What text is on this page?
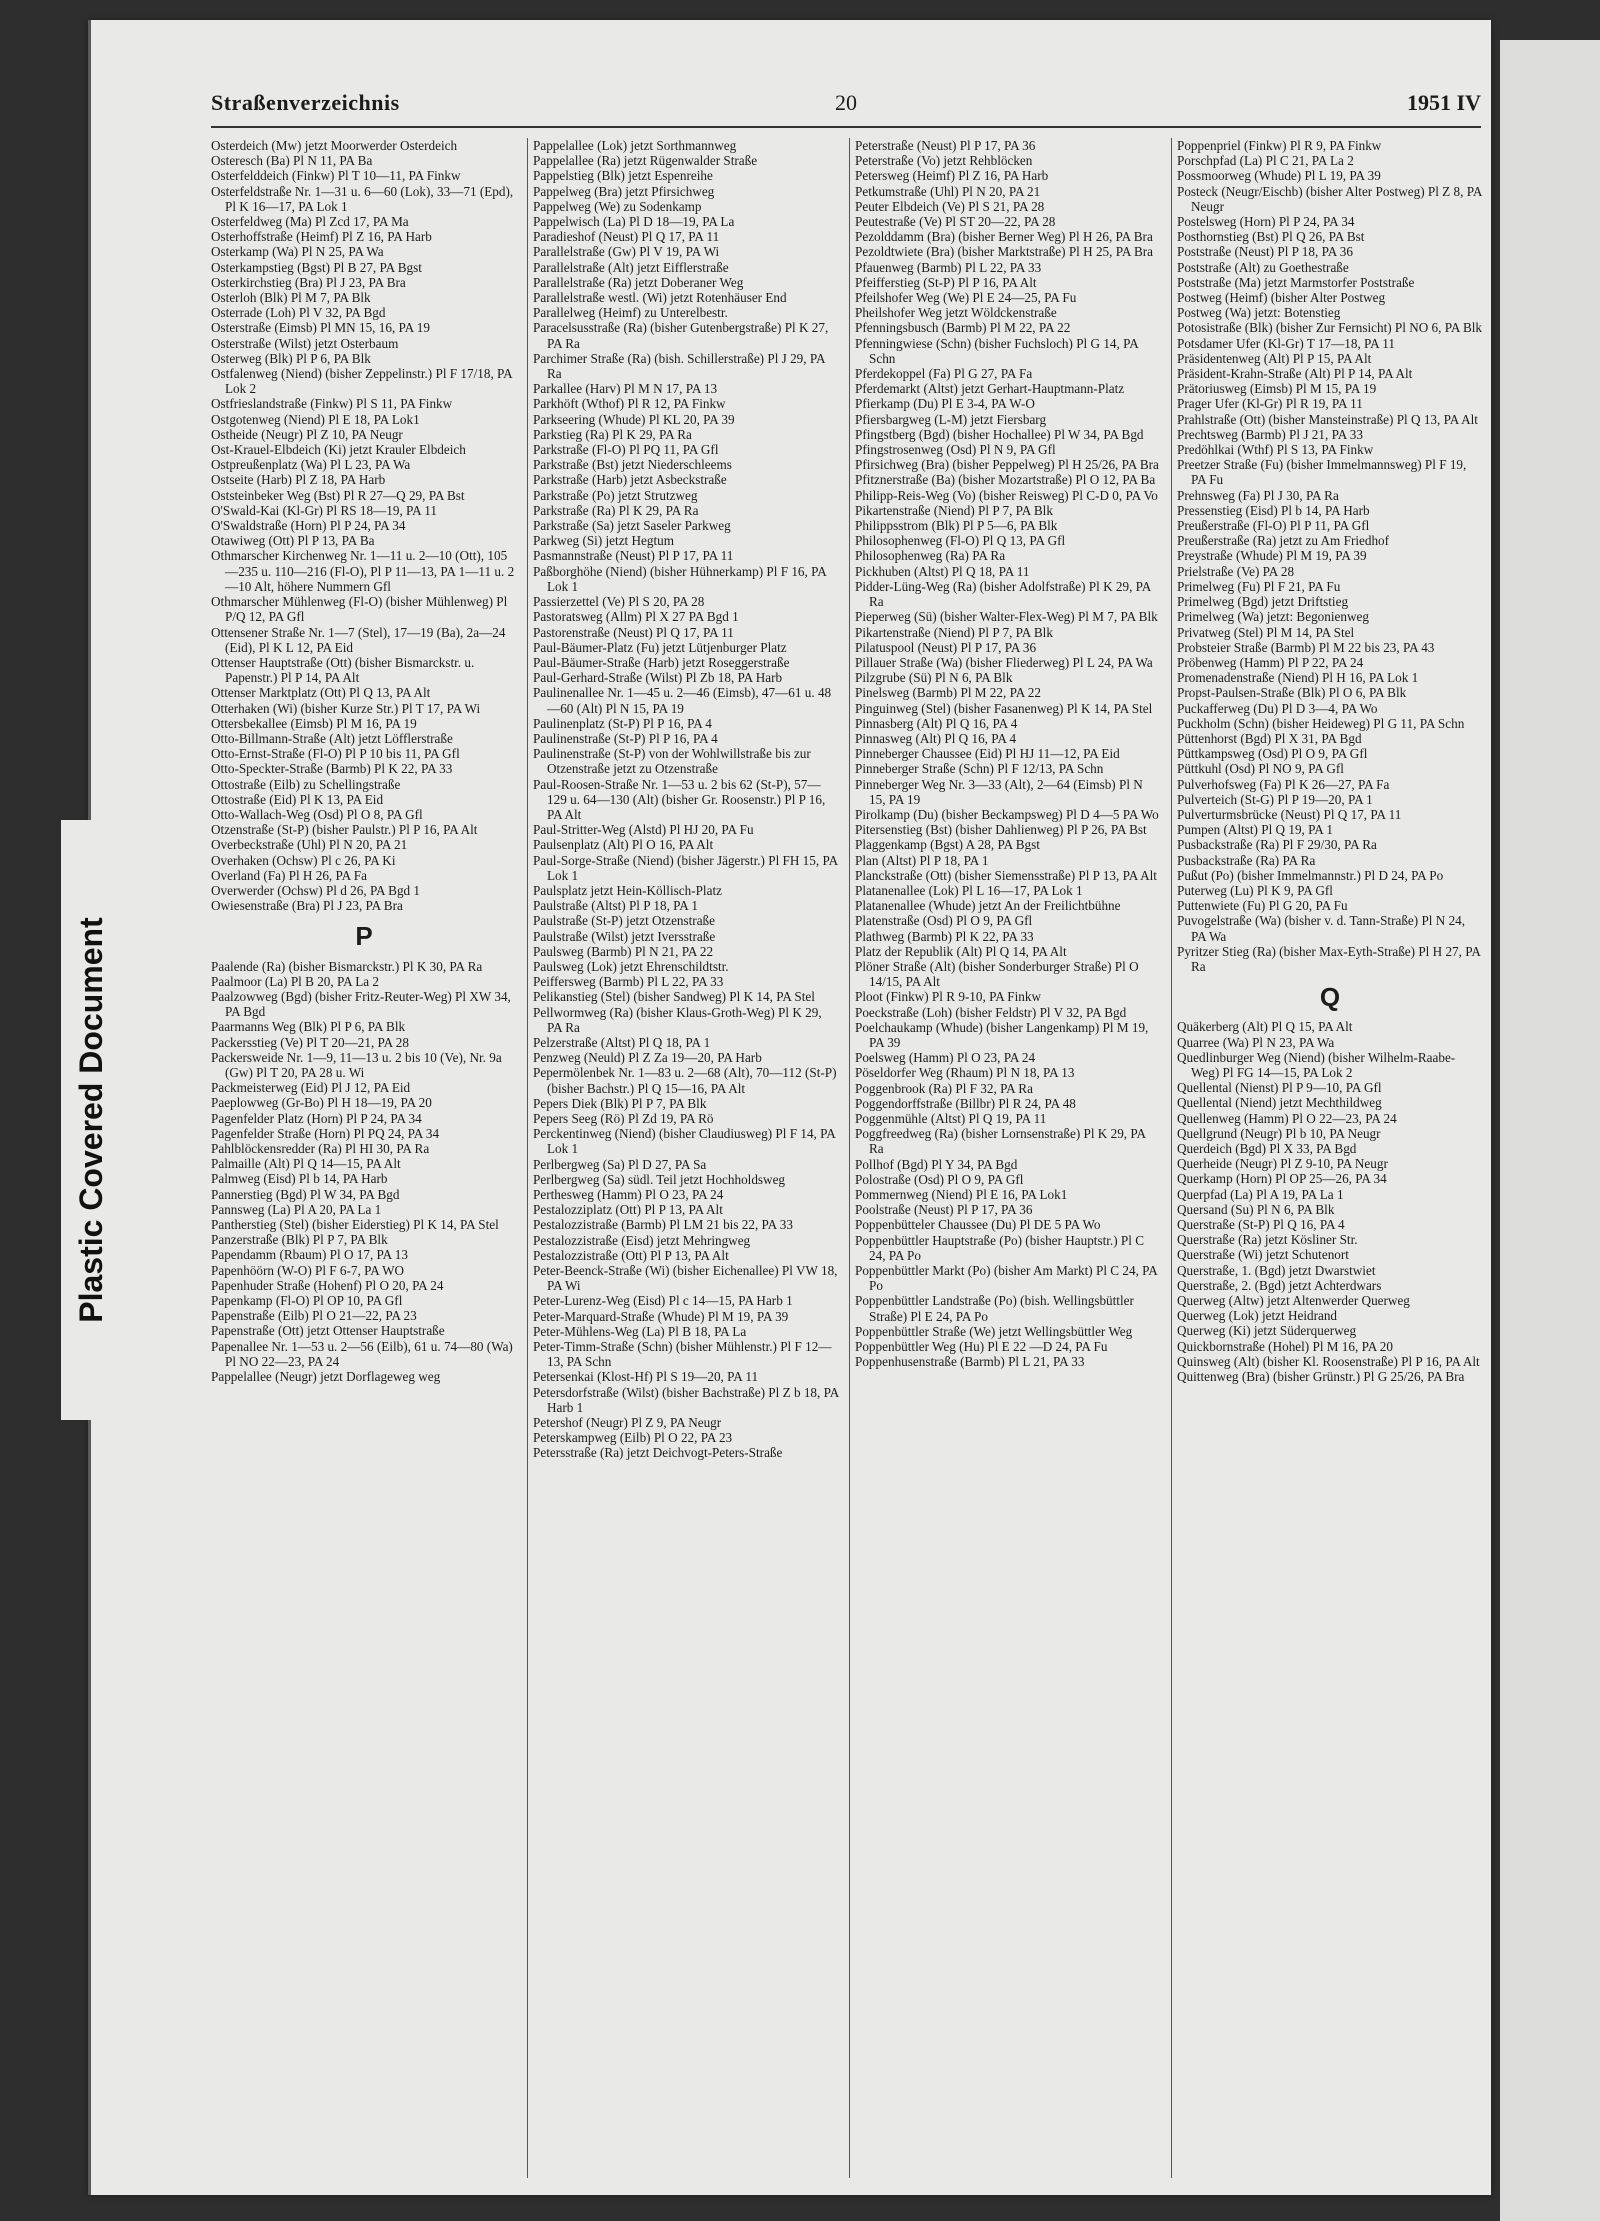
Plastic Covered Document
Straßenverzeichnis	20	1951 IV

Osterdeich (Mw) jetzt Moorwerder Osterdeich

Osteresch (Ba) Pl N 11, PA Ba

Osterfelddeich (Finkw) Pl T 10—11, PA Finkw

Osterfeldstraße Nr. 1—31 u. 6—60 (Lok), 33—71 (Epd), Pl K 16—17, PA Lok 1

Osterfeldweg (Ma) Pl Zcd 17, PA Ma

Osterhoffstraße (Heimf) Pl Z 16, PA Harb

Osterkamp (Wa) Pl N 25, PA Wa

Osterkampstieg (Bgst) Pl B 27, PA Bgst

Osterkirchstieg (Bra) Pl J 23, PA Bra

Osterloh (Blk) Pl M 7, PA Blk

Osterrade (Loh) Pl V 32, PA Bgd

Osterstraße (Eimsb) Pl MN 15, 16, PA 19

Osterstraße (Wilst) jetzt Osterbaum

Osterweg (Blk) Pl P 6, PA Blk

Ostfalenweg (Niend) (bisher Zeppelinstr.) Pl F 17/18, PA Lok 2

Ostfrieslandstraße (Finkw) Pl S 11, PA Finkw

Ostgotenweg (Niend) Pl E 18, PA Lok1

Ostheide (Neugr) Pl Z 10, PA Neugr

Ost-Krauel-Elbdeich (Ki) jetzt Krauler Elbdeich

Ostpreußenplatz (Wa) Pl L 23, PA Wa

Ostseite (Harb) Pl Z 18, PA Harb

Oststeinbeker Weg (Bst) Pl R 27—Q 29, PA Bst

O'Swald-Kai (Kl-Gr) Pl RS 18—19, PA 11

O'Swaldstraße (Horn) Pl P 24, PA 34

Otawiweg (Ott) Pl P 13, PA Ba

Othmarscher Kirchenweg Nr. 1—11 u. 2—10 (Ott), 105—235 u. 110—216 (Fl-O), Pl P 11—13, PA 1—11 u. 2—10 Alt, höhere Nummern Gfl

Othmarscher Mühlenweg (Fl-O) (bisher Mühlenweg) Pl P/Q 12, PA Gfl

Ottensener Straße Nr. 1—7 (Stel), 17—19 (Ba), 2a—24 (Eid), Pl K L 12, PA Eid

Ottenser Hauptstraße (Ott) (bisher Bismarckstr. u. Papenstr.) Pl P 14, PA Alt

Ottenser Marktplatz (Ott) Pl Q 13, PA Alt

Otterhaken (Wi) (bisher Kurze Str.) Pl T 17, PA Wi

Ottersbekallee (Eimsb) Pl M 16, PA 19

Otto-Billmann-Straße (Alt) jetzt Löfflerstraße

Otto-Ernst-Straße (Fl-O) Pl P 10 bis 11, PA Gfl

Otto-Speckter-Straße (Barmb) Pl K 22, PA 33

Ottostraße (Eilb) zu Schellingstraße

Ottostraße (Eid) Pl K 13, PA Eid

Otto-Wallach-Weg (Osd) Pl O 8, PA Gfl

Otzenstraße (St-P) (bisher Paulstr.) Pl P 16, PA Alt

Overbeckstraße (Uhl) Pl N 20, PA 21

Overhaken (Ochsw) Pl c 26, PA Ki

Overland (Fa) Pl H 26, PA Fa

Overwerder (Ochsw) Pl d 26, PA Bgd 1

Owiesenstraße (Bra) Pl J 23, PA Bra

P

Paalende (Ra) (bisher Bismarckstr.) Pl K 30, PA Ra

Paalmoor (La) Pl B 20, PA La 2

Paalzowweg (Bgd) (bisher Fritz-Reuter-Weg) Pl XW 34, PA Bgd

Paarmanns Weg (Blk) Pl P 6, PA Blk

Packersstieg (Ve) Pl T 20—21, PA 28

Packersweide Nr. 1—9, 11—13 u. 2 bis 10 (Ve), Nr. 9a (Gw) Pl T 20, PA 28 u. Wi

Packmeisterweg (Eid) Pl J 12, PA Eid

Paeplowweg (Gr-Bo) Pl H 18—19, PA 20

Pagenfelder Platz (Horn) Pl P 24, PA 34

Pagenfelder Straße (Horn) Pl PQ 24, PA 34

Pahlblöckensredder (Ra) Pl HI 30, PA Ra

Palmaille (Alt) Pl Q 14—15, PA Alt

Palmweg (Eisd) Pl b 14, PA Harb

Pannerstieg (Bgd) Pl W 34, PA Bgd

Pannsweg (La) Pl A 20, PA La 1

Pantherstieg (Stel) (bisher Eiderstieg) Pl K 14, PA Stel

Panzerstraße (Blk) Pl P 7, PA Blk

Papendamm (Rbaum) Pl O 17, PA 13

Papenhöörn (W-O) Pl F 6-7, PA WO

Papenhuder Straße (Hohenf) Pl O 20, PA 24

Papenkamp (Fl-O) Pl OP 10, PA Gfl

Papenstraße (Eilb) Pl O 21—22, PA 23

Papenstraße (Ott) jetzt Ottenser Hauptstraße

Papenallee Nr. 1—53 u. 2—56 (Eilb), 61 u. 74—80 (Wa) Pl NO 22—23, PA 24

Pappelallee (Neugr) jetzt Dorflageweg weg

Pappelallee (Lok) jetzt Sorthmannweg

Pappelallee (Ra) jetzt Rügenwalder Straße

Pappelstieg (Blk) jetzt Espenreihe

Pappelweg (Bra) jetzt Pfirsichweg

Pappelweg (We) zu Sodenkamp

Pappelwisch (La) Pl D 18—19, PA La

Paradieshof (Neust) Pl Q 17, PA 11

Parallelstraße (Gw) Pl V 19, PA Wi

Parallelstraße (Alt) jetzt Eifflerstraße

Parallelstraße (Ra) jetzt Doberaner Weg

Parallelstraße westl. (Wi) jetzt Rotenhäuser End

Parallelweg (Heimf) zu Unterelbestr.

Paracelsusstraße (Ra) (bisher Gutenbergstraße) Pl K 27, PA Ra

Parchimer Straße (Ra) (bish. Schillerstraße) Pl J 29, PA Ra

Parkallee (Harv) Pl M N 17, PA 13

Parkhöft (Wthof) Pl R 12, PA Finkw

Parkseering (Whude) Pl KL 20, PA 39

Parkstieg (Ra) Pl K 29, PA Ra

Parkstraße (Fl-O) Pl PQ 11, PA Gfl

Parkstraße (Bst) jetzt Niederschleems

Parkstraße (Harb) jetzt Asbeckstraße

Parkstraße (Po) jetzt Strutzweg

Parkstraße (Ra) Pl K 29, PA Ra

Parkstraße (Sa) jetzt Saseler Parkweg

Parkweg (Si) jetzt Hegtum

Pasmannstraße (Neust) Pl P 17, PA 11

Paßborghöhe (Niend) (bisher Hühnerkamp) Pl F 16, PA Lok 1

Passierzettel (Ve) Pl S 20, PA 28

Pastoratsweg (Allm) Pl X 27 PA Bgd 1

Pastorenstraße (Neust) Pl Q 17, PA 11

Paul-Bäumer-Platz (Fu) jetzt Lütjenburger Platz

Paul-Bäumer-Straße (Harb) jetzt Roseggerstraße

Paul-Gerhard-Straße (Wilst) Pl Zb 18, PA Harb

Paulinenallee Nr. 1—45 u. 2—46 (Eimsb), 47—61 u. 48—60 (Alt) Pl N 15, PA 19

Paulinenplatz (St-P) Pl P 16, PA 4

Paulinenstraße (St-P) Pl P 16, PA 4

Paulinenstraße (St-P) von der Wohlwillstraße bis zur Otzenstraße jetzt zu Otzenstraße

Paul-Roosen-Straße Nr. 1—53 u. 2 bis 62 (St-P), 57—129 u. 64—130 (Alt) (bisher Gr. Roosenstr.) Pl P 16, PA Alt

Paul-Stritter-Weg (Alstd) Pl HJ 20, PA Fu

Paulsenplatz (Alt) Pl O 16, PA Alt

Paul-Sorge-Straße (Niend) (bisher Jägerstr.) Pl FH 15, PA Lok 1

Paulsplatz jetzt Hein-Köllisch-Platz

Paulstraße (Altst) Pl P 18, PA 1

Paulstraße (St-P) jetzt Otzenstraße

Paulstraße (Wilst) jetzt Iversstraße

Paulsweg (Barmb) Pl N 21, PA 22

Paulsweg (Lok) jetzt Ehrenschildtstr.

Peiffersweg (Barmb) Pl L 22, PA 33

Pelikanstieg (Stel) (bisher Sandweg) Pl K 14, PA Stel

Pellwormweg (Ra) (bisher Klaus-Groth-Weg) Pl K 29, PA Ra

Pelzerstraße (Altst) Pl Q 18, PA 1

Penzweg (Neuld) Pl Z Za 19—20, PA Harb

Pepermölenbek Nr. 1—83 u. 2—68 (Alt), 70—112 (St-P) (bisher Bachstr.) Pl Q 15—16, PA Alt

Pepers Diek (Blk) Pl P 7, PA Blk

Pepers Seeg (Rö) Pl Zd 19, PA Rö

Perckentinweg (Niend) (bisher Claudiusweg) Pl F 14, PA Lok 1

Perlbergweg (Sa) Pl D 27, PA Sa

Perlbergweg (Sa) südl. Teil jetzt Hochholdsweg

Perthesweg (Hamm) Pl O 23, PA 24

Pestalozziplatz (Ott) Pl P 13, PA Alt

Pestalozzistraße (Barmb) Pl LM 21 bis 22, PA 33

Pestalozzistraße (Eisd) jetzt Mehringweg

Pestalozzistraße (Ott) Pl P 13, PA Alt

Peter-Beenck-Straße (Wi) (bisher Eichenallee) Pl VW 18, PA Wi

Peter-Lurenz-Weg (Eisd) Pl c 14—15, PA Harb 1

Peter-Marquard-Straße (Whude) Pl M 19, PA 39

Peter-Mühlens-Weg (La) Pl B 18, PA La

Peter-Timm-Straße (Schn) (bisher Mühlenstr.) Pl F 12—13, PA Schn

Petersenkai (Klost-Hf) Pl S 19—20, PA 11

Petersdorfstraße (Wilst) (bisher Bachstraße) Pl Z b 18, PA Harb 1

Petershof (Neugr) Pl Z 9, PA Neugr

Peterskampweg (Eilb) Pl O 22, PA 23

Petersstraße (Ra) jetzt Deichvogt-Peters-Straße

Peterstraße (Neust) Pl P 17, PA 36

Peterstraße (Vo) jetzt Rehblöcken

Petersweg (Heimf) Pl Z 16, PA Harb

Petkumstraße (Uhl) Pl N 20, PA 21

Peuter Elbdeich (Ve) Pl S 21, PA 28

Peutestraße (Ve) Pl ST 20—22, PA 28

Pezolddamm (Bra) (bisher Berner Weg) Pl H 26, PA Bra

Pezoldtwiete (Bra) (bisher Marktstraße) Pl H 25, PA Bra

Pfauenweg (Barmb) Pl L 22, PA 33

Pfeifferstieg (St-P) Pl P 16, PA Alt

Pfeilshofer Weg (We) Pl E 24—25, PA Fu

Pheilshofer Weg jetzt Wöldckenstraße

Pfenningsbusch (Barmb) Pl M 22, PA 22

Pfenningwiese (Schn) (bisher Fuchsloch) Pl G 14, PA Schn

Pferdekoppel (Fa) Pl G 27, PA Fa

Pferdemarkt (Altst) jetzt Gerhart-Hauptmann-Platz

Pfierkamp (Du) Pl E 3-4, PA W-O

Pfiersbargweg (L-M) jetzt Fiersbarg

Pfingstberg (Bgd) (bisher Hochallee) Pl W 34, PA Bgd

Pfingstrosenweg (Osd) Pl N 9, PA Gfl

Pfirsichweg (Bra) (bisher Peppelweg) Pl H 25/26, PA Bra

Pfitznerstraße (Ba) (bisher Mozartstraße) Pl O 12, PA Ba

Philipp-Reis-Weg (Vo) (bisher Reisweg) Pl C-D 0, PA Vo

Pikartenstraße (Niend) Pl P 7, PA Blk

Philippsstrom (Blk) Pl P 5—6, PA Blk

Philosophenweg (Fl-O) Pl Q 13, PA Gfl

Philosophenweg (Ra) PA Ra

Pickhuben (Altst) Pl Q 18, PA 11

Pidder-Lüng-Weg (Ra) (bisher Adolfstraße) Pl K 29, PA Ra

Pieperweg (Sü) (bisher Walter-Flex-Weg) Pl M 7, PA Blk

Pikartenstraße (Niend) Pl P 7, PA Blk

Pilatuspool (Neust) Pl P 17, PA 36

Pillauer Straße (Wa) (bisher Fliederweg) Pl L 24, PA Wa

Pilzgrube (Sü) Pl N 6, PA Blk

Pinelsweg (Barmb) Pl M 22, PA 22

Pinguinweg (Stel) (bisher Fasanenweg) Pl K 14, PA Stel

Pinnasberg (Alt) Pl Q 16, PA 4

Pinnasweg (Alt) Pl Q 16, PA 4

Pinneberger Chaussee (Eid) Pl HJ 11—12, PA Eid

Pinneberger Straße (Schn) Pl F 12/13, PA Schn

Pinneberger Weg Nr. 3—33 (Alt), 2—64 (Eimsb) Pl N 15, PA 19

Pirolkamp (Du) (bisher Beckampsweg) Pl D 4—5 PA Wo

Pitersenstieg (Bst) (bisher Dahlienweg) Pl P 26, PA Bst

Plaggenkamp (Bgst) A 28, PA Bgst

Plan (Altst) Pl P 18, PA 1

Planckstraße (Ott) (bisher Siemensstraße) Pl P 13, PA Alt

Platanenallee (Lok) Pl L 16—17, PA Lok 1

Platanenallee (Whude) jetzt An der Freilichtbühne

Platenstraße (Osd) Pl O 9, PA Gfl

Plathweg (Barmb) Pl K 22, PA 33

Platz der Republik (Alt) Pl Q 14, PA Alt

Plöner Straße (Alt) (bisher Sonderburger Straße) Pl O 14/15, PA Alt

Ploot (Finkw) Pl R 9-10, PA Finkw

Poeckstraße (Loh) (bisher Feldstr) Pl V 32, PA Bgd

Poelchaukamp (Whude) (bisher Langenkamp) Pl M 19, PA 39

Poelsweg (Hamm) Pl O 23, PA 24

Pöseldorfer Weg (Rhaum) Pl N 18, PA 13

Poggenbrook (Ra) Pl F 32, PA Ra

Poggendorffstraße (Billbr) Pl R 24, PA 48

Poggenmühle (Altst) Pl Q 19, PA 11

Poggfreedweg (Ra) (bisher Lornsenstraße) Pl K 29, PA Ra

Pollhof (Bgd) Pl Y 34, PA Bgd

Polostraße (Osd) Pl O 9, PA Gfl

Pommernweg (Niend) Pl E 16, PA Lok1

Poolstraße (Neust) Pl P 17, PA 36

Poppenbütteler Chaussee (Du) Pl DE 5 PA Wo

Poppenbüttler Hauptstraße (Po) (bisher Hauptstr.) Pl C 24, PA Po

Poppenbüttler Markt (Po) (bisher Am Markt) Pl C 24, PA Po

Poppenbüttler Landstraße (Po) (bish. Wellingsbüttler Straße) Pl E 24, PA Po

Poppenbüttler Straße (We) jetzt Wellingsbüttler Weg

Poppenbüttler Weg (Hu) Pl E 22 —D 24, PA Fu

Poppenhusenstraße (Barmb) Pl L 21, PA 33

Poppenpriel (Finkw) Pl R 9, PA Finkw

Porschpfad (La) Pl C 21, PA La 2

Possmoorweg (Whude) Pl L 19, PA 39

Posteck (Neugr/Eischb) (bisher Alter Postweg) Pl Z 8, PA Neugr

Postelsweg (Horn) Pl P 24, PA 34

Posthornstieg (Bst) Pl Q 26, PA Bst

Poststraße (Neust) Pl P 18, PA 36

Poststraße (Alt) zu Goethestraße

Poststraße (Ma) jetzt Marmstorfer Poststraße

Postweg (Heimf) (bisher Alter Postweg

Postweg (Wa) jetzt: Botenstieg

Potosistraße (Blk) (bisher Zur Fernsicht) Pl NO 6, PA Blk

Potsdamer Ufer (Kl-Gr) T 17—18, PA 11

Präsidentenweg (Alt) Pl P 15, PA Alt

Präsident-Krahn-Straße (Alt) Pl P 14, PA Alt

Prätoriusweg (Eimsb) Pl M 15, PA 19

Prager Ufer (Kl-Gr) Pl R 19, PA 11

Prahlstraße (Ott) (bisher Mansteinstraße) Pl Q 13, PA Alt

Prechtsweg (Barmb) Pl J 21, PA 33

Predöhlkai (Wthf) Pl S 13, PA Finkw

Preetzer Straße (Fu) (bisher Immelmannsweg) Pl F 19, PA Fu

Prehnsweg (Fa) Pl J 30, PA Ra

Pressenstieg (Eisd) Pl b 14, PA Harb

Preußerstraße (Fl-O) Pl P 11, PA Gfl

Preußerstraße (Ra) jetzt zu Am Friedhof

Preystraße (Whude) Pl M 19, PA 39

Prielstraße (Ve) PA 28

Primelweg (Fu) Pl F 21, PA Fu

Primelweg (Bgd) jetzt Driftstieg

Primelweg (Wa) jetzt: Begonienweg

Privatweg (Stel) Pl M 14, PA Stel

Probsteier Straße (Barmb) Pl M 22 bis 23, PA 43

Pröbenweg (Hamm) Pl P 22, PA 24

Promenadenstraße (Niend) Pl H 16, PA Lok 1

Propst-Paulsen-Straße (Blk) Pl O 6, PA Blk

Puckafferweg (Du) Pl D 3—4, PA Wo

Puckholm (Schn) (bisher Heideweg) Pl G 11, PA Schn

Püttenhorst (Bgd) Pl X 31, PA Bgd

Püttkampsweg (Osd) Pl O 9, PA Gfl

Püttkuhl (Osd) Pl NO 9, PA Gfl

Pulverhofsweg (Fa) Pl K 26—27, PA Fa

Pulverteich (St-G) Pl P 19—20, PA 1

Pulverturmsbrücke (Neust) Pl Q 17, PA 11

Pumpen (Altst) Pl Q 19, PA 1

Pusbackstraße (Ra) Pl F 29/30, PA Ra

Pusbackstraße (Ra) PA Ra

Pußut (Po) (bisher Immelmannstr.) Pl D 24, PA Po

Puterweg (Lu) Pl K 9, PA Gfl

Puttenwiete (Fu) Pl G 20, PA Fu

Puvogelstraße (Wa) (bisher v. d. Tann-Straße) Pl N 24, PA Wa

Pyritzer Stieg (Ra) (bisher Max-Eyth-Straße) Pl H 27, PA Ra

Q

Quäkerberg (Alt) Pl Q 15, PA Alt

Quarree (Wa) Pl N 23, PA Wa

Quedlinburger Weg (Niend) (bisher Wilhelm-Raabe-Weg) Pl FG 14—15, PA Lok 2

Quellental (Nienst) Pl P 9—10, PA Gfl

Quellental (Niend) jetzt Mechthildweg

Quellenweg (Hamm) Pl O 22—23, PA 24

Quellgrund (Neugr) Pl b 10, PA Neugr

Querdeich (Bgd) Pl X 33, PA Bgd

Querheide (Neugr) Pl Z 9-10, PA Neugr

Querkamp (Horn) Pl OP 25—26, PA 34

Querpfad (La) Pl A 19, PA La 1

Quersand (Su) Pl N 6, PA Blk

Querstraße (St-P) Pl Q 16, PA 4

Querstraße (Ra) jetzt Kösliner Str.

Querstraße (Wi) jetzt Schutenort

Querstraße, 1. (Bgd) jetzt Dwarstwiet

Querstraße, 2. (Bgd) jetzt Achterdwars

Querweg (Altw) jetzt Altenwerder Querweg

Querweg (Lok) jetzt Heidrand

Querweg (Ki) jetzt Süderquerweg

Quickbornstraße (Hohel) Pl M 16, PA 20

Quinsweg (Alt) (bisher Kl. Roosenstraße) Pl P 16, PA Alt

Quittenweg (Bra) (bisher Grünstr.) Pl G 25/26, PA Bra
